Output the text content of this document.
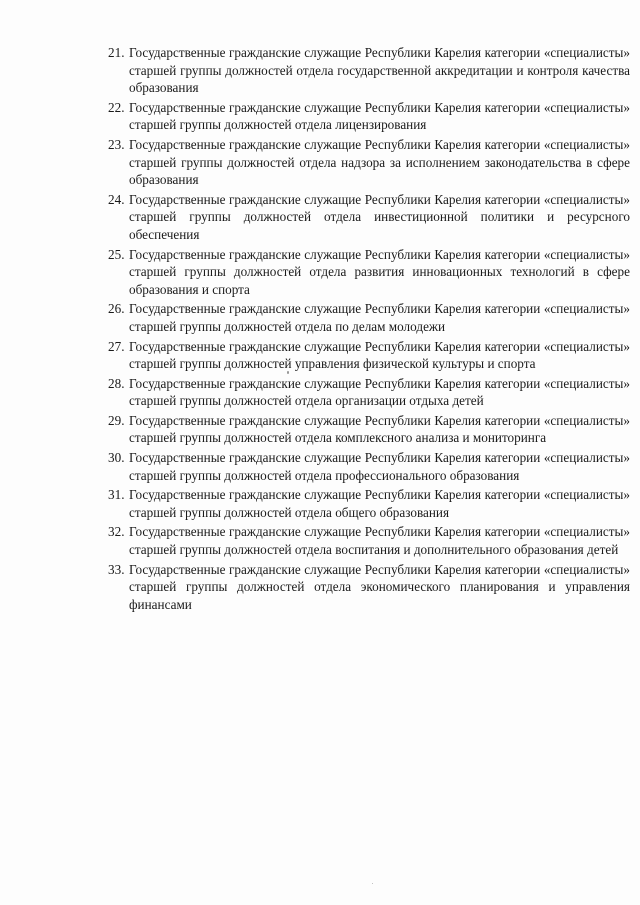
21. Государственные гражданские служащие Республики Карелия категории «специалисты» старшей группы должностей отдела государственной аккредитации и контроля качества образования
22. Государственные гражданские служащие Республики Карелия категории «специалисты» старшей группы должностей отдела лицензирования
23. Государственные гражданские служащие Республики Карелия категории «специалисты» старшей группы должностей отдела надзора за исполнением законодательства в сфере образования
24. Государственные гражданские служащие Республики Карелия категории «специалисты» старшей группы должностей отдела инвестиционной политики и ресурсного обеспечения
25. Государственные гражданские служащие Республики Карелия категории «специалисты» старшей группы должностей отдела развития инновационных технологий в сфере образования и спорта
26. Государственные гражданские служащие Республики Карелия категории «специалисты» старшей группы должностей отдела по делам молодежи
27. Государственные гражданские служащие Республики Карелия категории «специалисты» старшей группы должностей управления физической культуры и спорта
28. Государственные гражданские служащие Республики Карелия категории «специалисты» старшей группы должностей отдела организации отдыха детей
29. Государственные гражданские служащие Республики Карелия категории «специалисты» старшей группы должностей отдела комплексного анализа и мониторинга
30. Государственные гражданские служащие Республики Карелия категории «специалисты» старшей группы должностей отдела профессионального образования
31. Государственные гражданские служащие Республики Карелия категории «специалисты» старшей группы должностей отдела общего образования
32. Государственные гражданские служащие Республики Карелия категории «специалисты» старшей группы должностей отдела воспитания и дополнительного образования детей
33. Государственные гражданские служащие Республики Карелия категории «специалисты» старшей группы должностей отдела экономического планирования и управления финансами
